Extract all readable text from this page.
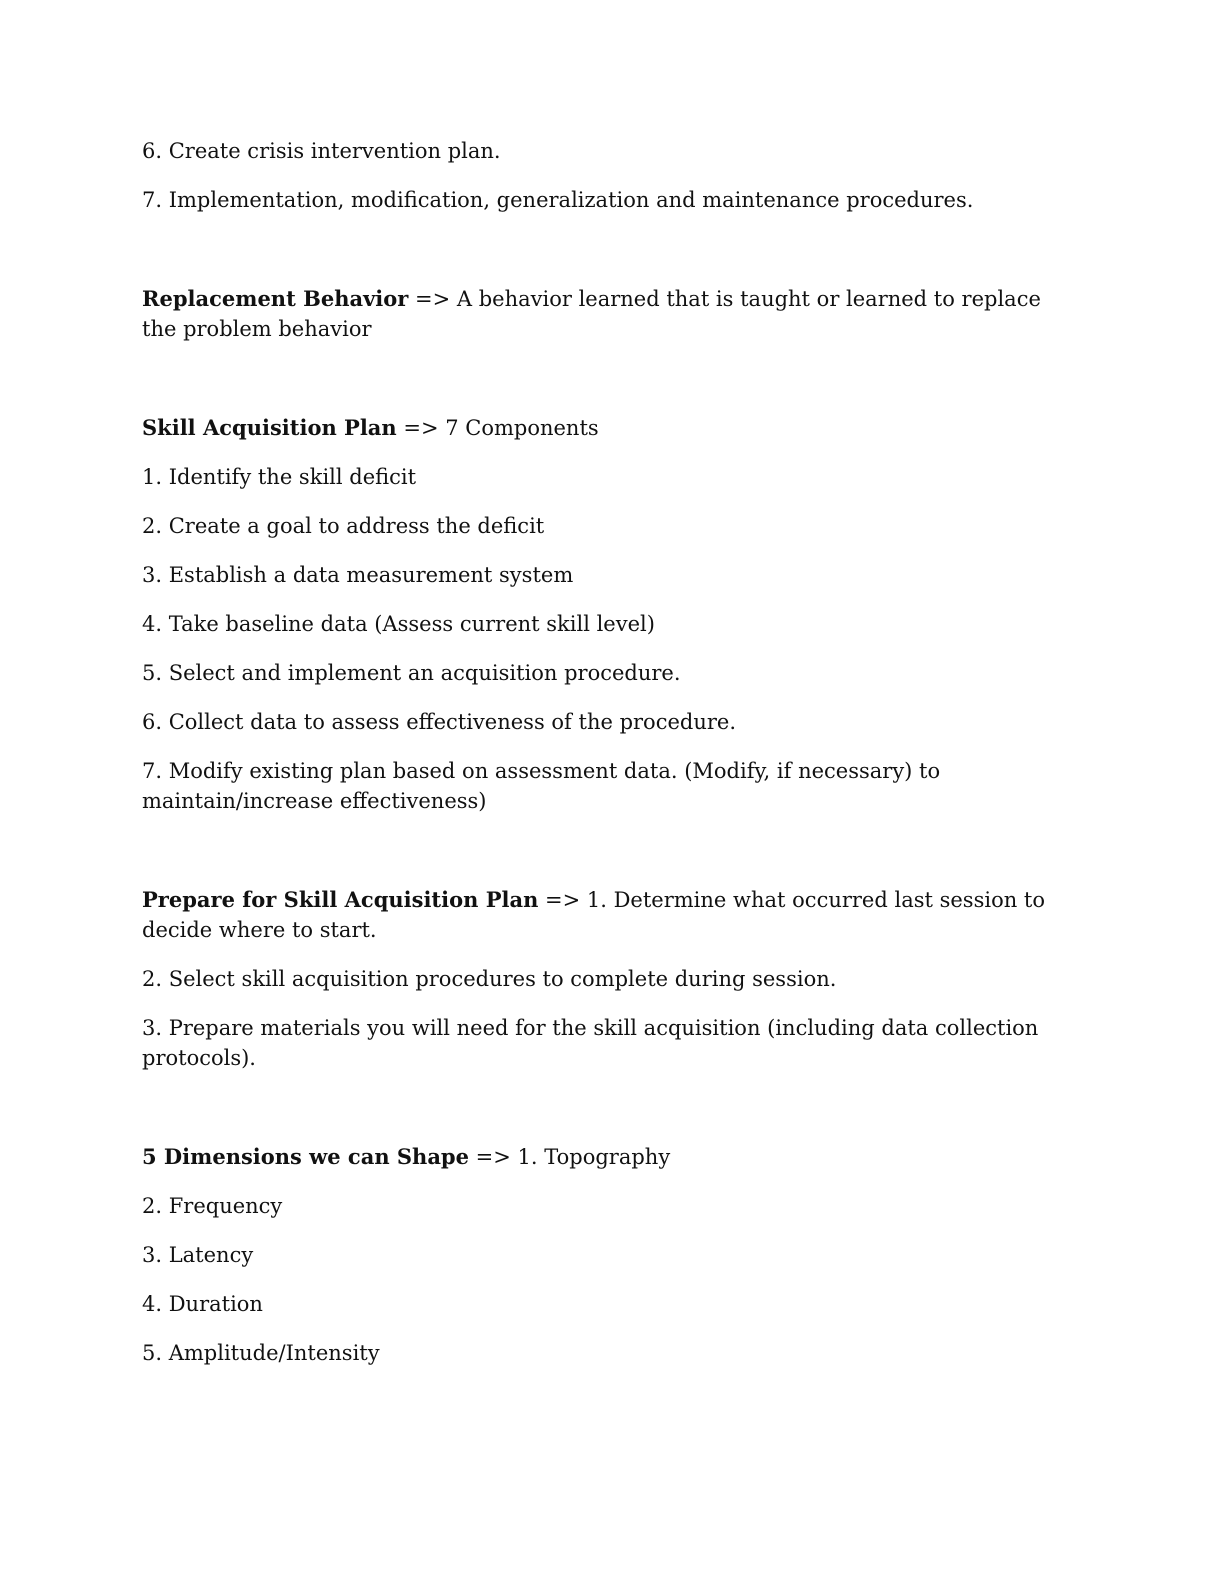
6. Create crisis intervention plan.

7. Implementation, modification, generalization and maintenance procedures.

Replacement Behavior => A behavior learned that is taught or learned to replace the problem behavior

Skill Acquisition Plan => 7 Components

1. Identify the skill deficit

2. Create a goal to address the deficit

3. Establish a data measurement system

4. Take baseline data (Assess current skill level)

5. Select and implement an acquisition procedure.

6. Collect data to assess effectiveness of the procedure.

7. Modify existing plan based on assessment data. (Modify, if necessary) to maintain/increase effectiveness)

Prepare for Skill Acquisition Plan => 1. Determine what occurred last session to decide where to start.

2. Select skill acquisition procedures to complete during session.

3. Prepare materials you will need for the skill acquisition (including data collection protocols).

5 Dimensions we can Shape => 1. Topography

2. Frequency

3. Latency

4. Duration

5. Amplitude/Intensity
